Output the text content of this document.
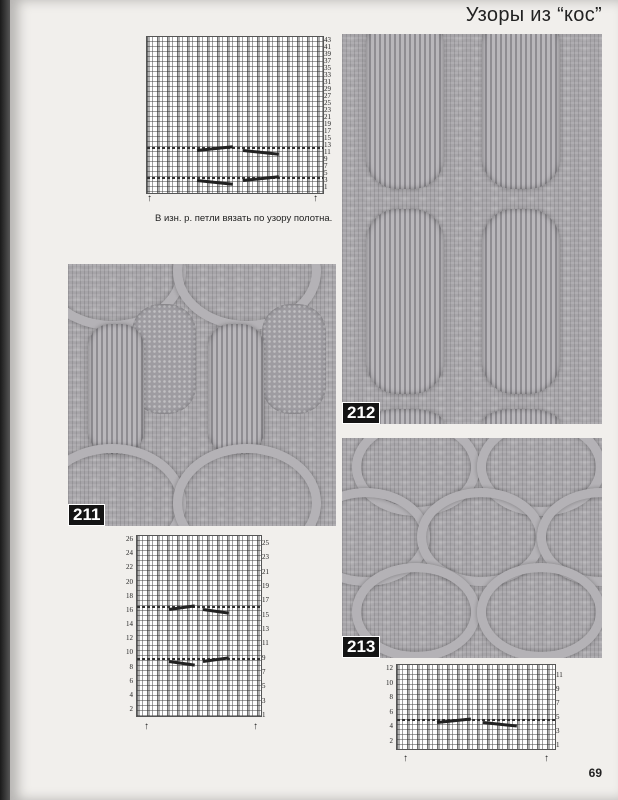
Узоры из “кос”
43
41
39
37
35
33
31
29
27
25
23
21
19
17
15
13
11
9
7
5
3
1
↑	↑
В изн. р. петли вязать по узору полотна.
212
211
213
26
24
22
20
18
16
14
12
10
8
6
4
2
25
23
21
19
17
15
13
11
9
7
5
3
1
↑	↑
12
10
8
6
4
2
11
9
7
5
3
1
↑	↑
69
